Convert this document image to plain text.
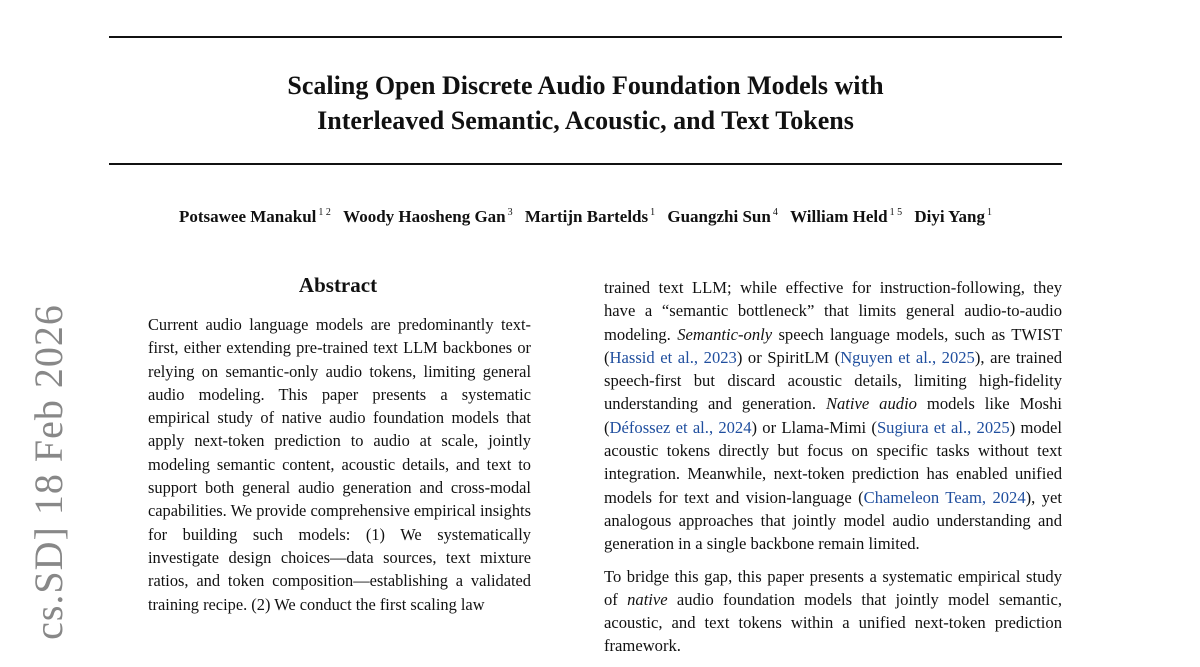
Scaling Open Discrete Audio Foundation Models with
Interleaved Semantic, Acoustic, and Text Tokens
Potsawee Manakul $^{1 2}$ Woody Haosheng Gan $^3$ Martijn Bartelds $^1$ Guangzhi Sun $^4$ William Held $^{1 5}$ Diyi Yang $^1$
cs.SD] 18 Feb 2026
Abstract

Current audio language models are predominantly text-first, either extending pre-trained text LLM backbones or relying on semantic-only audio tokens, limiting general audio modeling. This paper presents a systematic empirical study of native audio foundation models that apply next-token prediction to audio at scale, jointly modeling semantic content, acoustic details, and text to support both general audio generation and cross-modal capabilities. We provide comprehensive empirical insights for building such models: (1) We systematically investigate design choices—data sources, text mixture ratios, and token composition—establishing a validated training recipe. (2) We conduct the first scaling law

trained text LLM; while effective for instruction-following, they have a “semantic bottleneck” that limits general audio-to-audio modeling. Semantic-only speech language models, such as TWIST (Hassid et al., 2023) or SpiritLM (Nguyen et al., 2025), are trained speech-first but discard acoustic details, limiting high-fidelity understanding and generation. Native audio models like Moshi (Défossez et al., 2024) or Llama-Mimi (Sugiura et al., 2025) model acoustic tokens directly but focus on specific tasks without text integration. Meanwhile, next-token prediction has enabled unified models for text and vision-language (Chameleon Team, 2024), yet analogous approaches that jointly model audio understanding and generation in a single backbone remain limited.

To bridge this gap, this paper presents a systematic empirical study of native audio foundation models that jointly model semantic, acoustic, and text tokens within a unified next-token prediction framework.
